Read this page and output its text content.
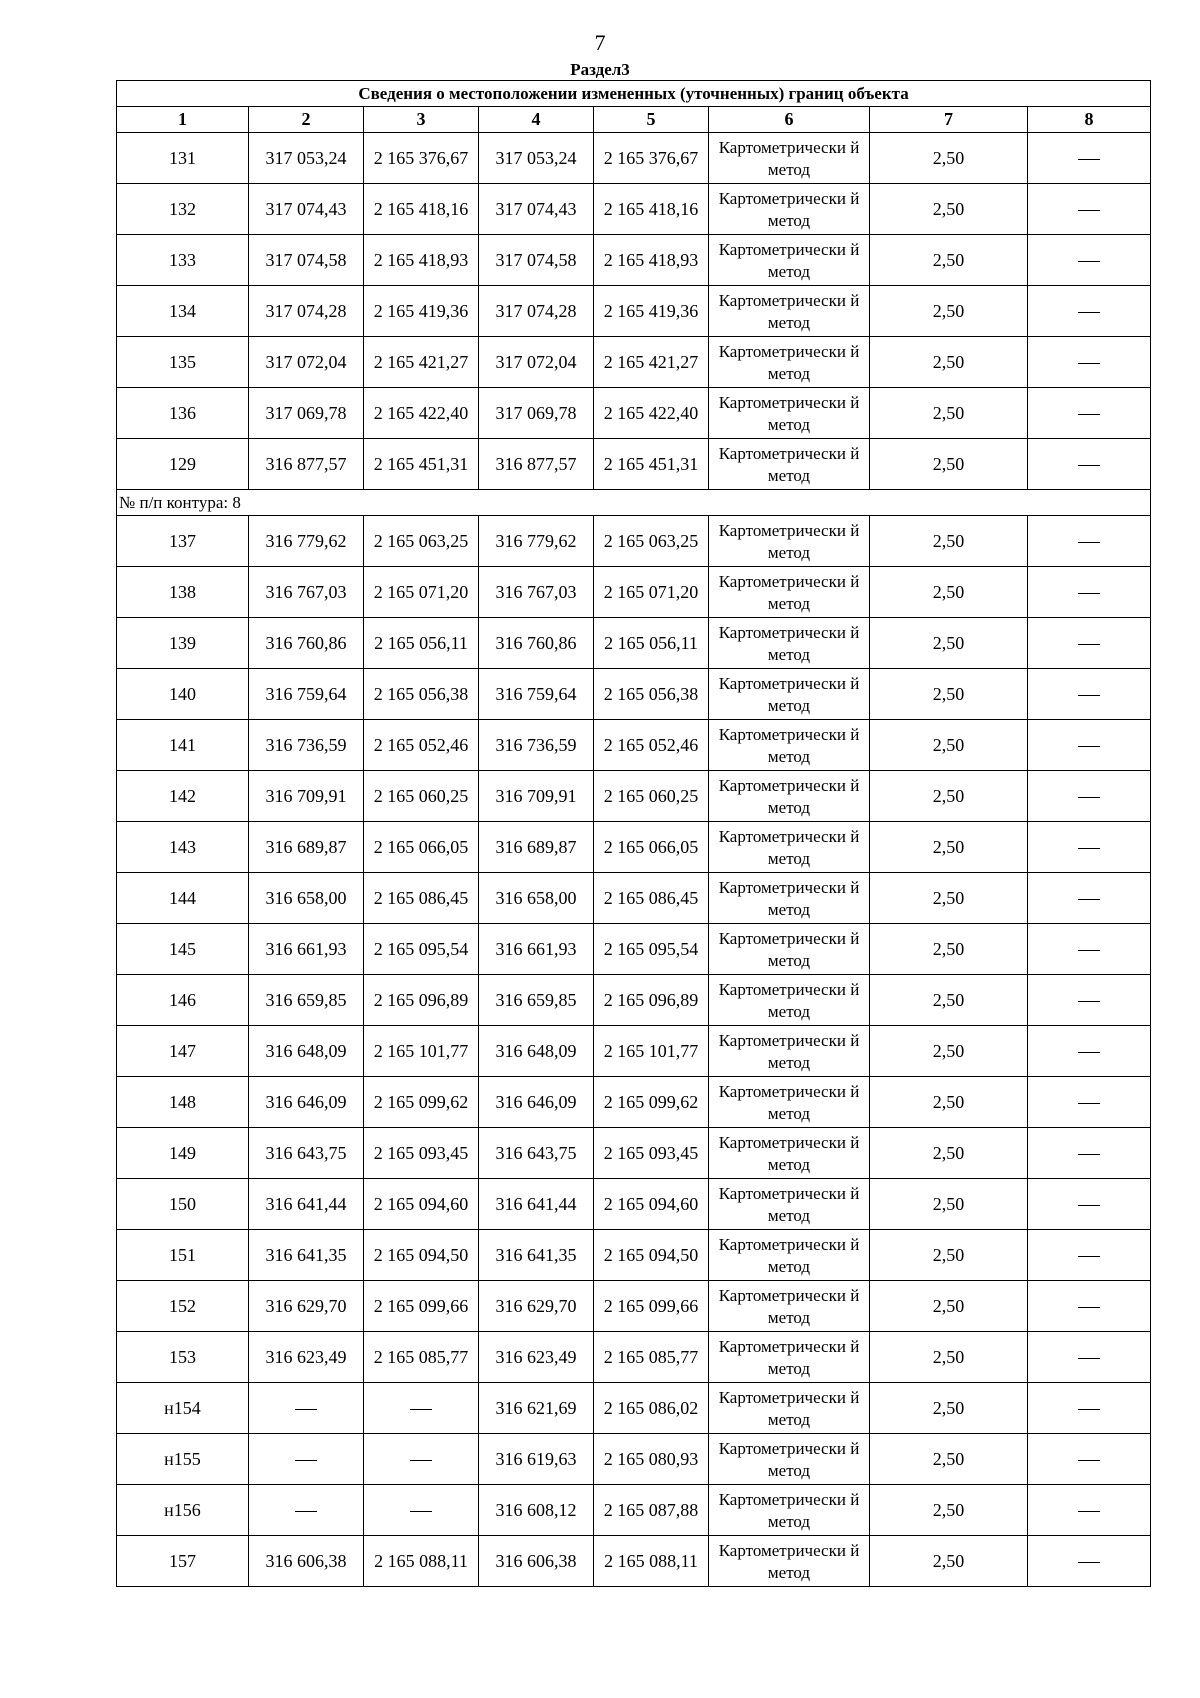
7
Раздел3
Сведения о местоположении измененных (уточненных) границ объекта							
1	2	3	4	5	6	7	8
131	317 053,24	2 165 376,67	317 053,24	2 165 376,67	Картометрически й метод	2,50	
132	317 074,43	2 165 418,16	317 074,43	2 165 418,16	Картометрически й метод	2,50	
133	317 074,58	2 165 418,93	317 074,58	2 165 418,93	Картометрически й метод	2,50	
134	317 074,28	2 165 419,36	317 074,28	2 165 419,36	Картометрически й метод	2,50	
135	317 072,04	2 165 421,27	317 072,04	2 165 421,27	Картометрически й метод	2,50	
136	317 069,78	2 165 422,40	317 069,78	2 165 422,40	Картометрически й метод	2,50	
129	316 877,57	2 165 451,31	316 877,57	2 165 451,31	Картометрически й метод	2,50	
№ п/п контура: 8							
137	316 779,62	2 165 063,25	316 779,62	2 165 063,25	Картометрически й метод	2,50	
138	316 767,03	2 165 071,20	316 767,03	2 165 071,20	Картометрически й метод	2,50	
139	316 760,86	2 165 056,11	316 760,86	2 165 056,11	Картометрически й метод	2,50	
140	316 759,64	2 165 056,38	316 759,64	2 165 056,38	Картометрически й метод	2,50	
141	316 736,59	2 165 052,46	316 736,59	2 165 052,46	Картометрически й метод	2,50	
142	316 709,91	2 165 060,25	316 709,91	2 165 060,25	Картометрически й метод	2,50	
143	316 689,87	2 165 066,05	316 689,87	2 165 066,05	Картометрически й метод	2,50	
144	316 658,00	2 165 086,45	316 658,00	2 165 086,45	Картометрически й метод	2,50	
145	316 661,93	2 165 095,54	316 661,93	2 165 095,54	Картометрически й метод	2,50	
146	316 659,85	2 165 096,89	316 659,85	2 165 096,89	Картометрически й метод	2,50	
147	316 648,09	2 165 101,77	316 648,09	2 165 101,77	Картометрически й метод	2,50	
148	316 646,09	2 165 099,62	316 646,09	2 165 099,62	Картометрически й метод	2,50	
149	316 643,75	2 165 093,45	316 643,75	2 165 093,45	Картометрически й метод	2,50	
150	316 641,44	2 165 094,60	316 641,44	2 165 094,60	Картометрически й метод	2,50	
151	316 641,35	2 165 094,50	316 641,35	2 165 094,50	Картометрически й метод	2,50	
152	316 629,70	2 165 099,66	316 629,70	2 165 099,66	Картометрически й метод	2,50	
153	316 623,49	2 165 085,77	316 623,49	2 165 085,77	Картометрически й метод	2,50	
н154			316 621,69	2 165 086,02	Картометрически й метод	2,50	
н155			316 619,63	2 165 080,93	Картометрически й метод	2,50	
н156			316 608,12	2 165 087,88	Картометрически й метод	2,50	
157	316 606,38	2 165 088,11	316 606,38	2 165 088,11	Картометрически й метод	2,50	
